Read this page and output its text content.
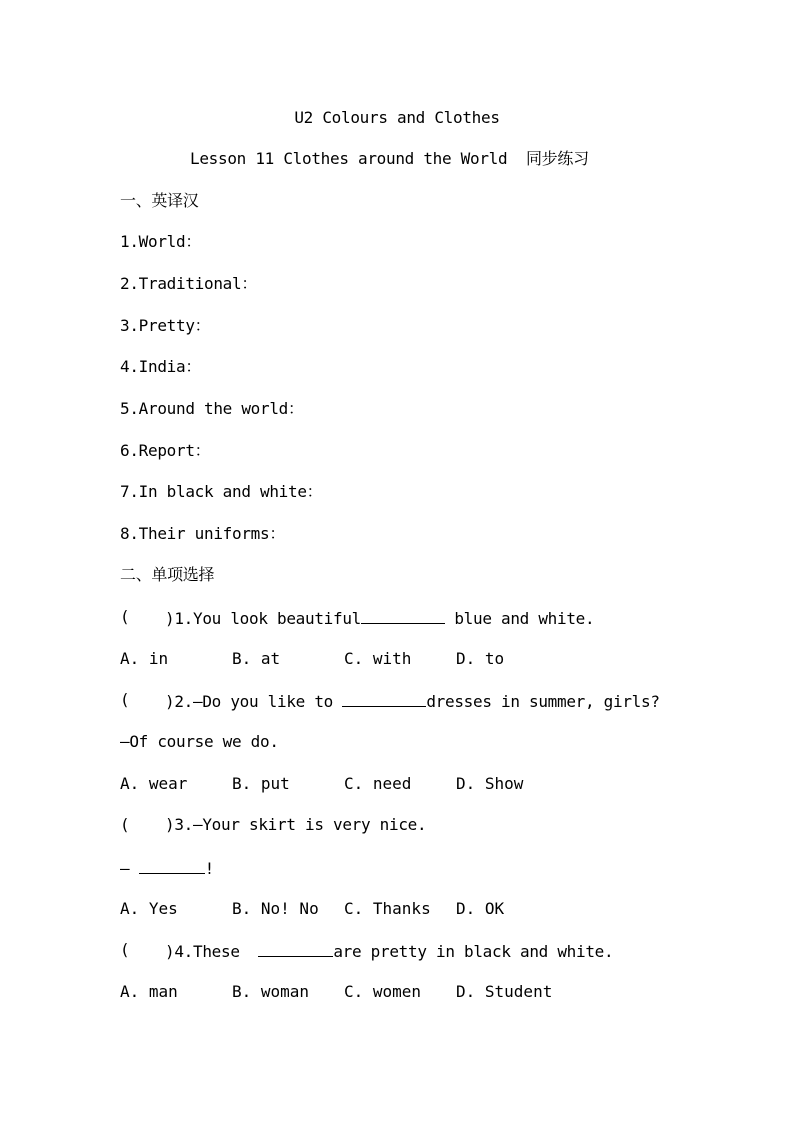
U2 Colours and Clothes
Lesson 11 Clothes around the World  同步练习
一、英译汉
1.World：
2.Traditional：
3.Pretty：
4.India：
5.Around the world：
6.Report：
7.In black and white：
8.Their uniforms：
二、单项选择
( )1.You look beautiful	blue and white.
A. in	B. at	C. with	D. to
( )2.—Do you like to	dresses in summer, girls?
—Of course we do.
A. wear	B. put	C. need	D. Show
( )3.—Your skirt is very nice.
—	!
A. Yes	B. No! No C. Thanks D. OK
( )4.These	are pretty in black and white.
A. man	B. woman C. women D. Student
